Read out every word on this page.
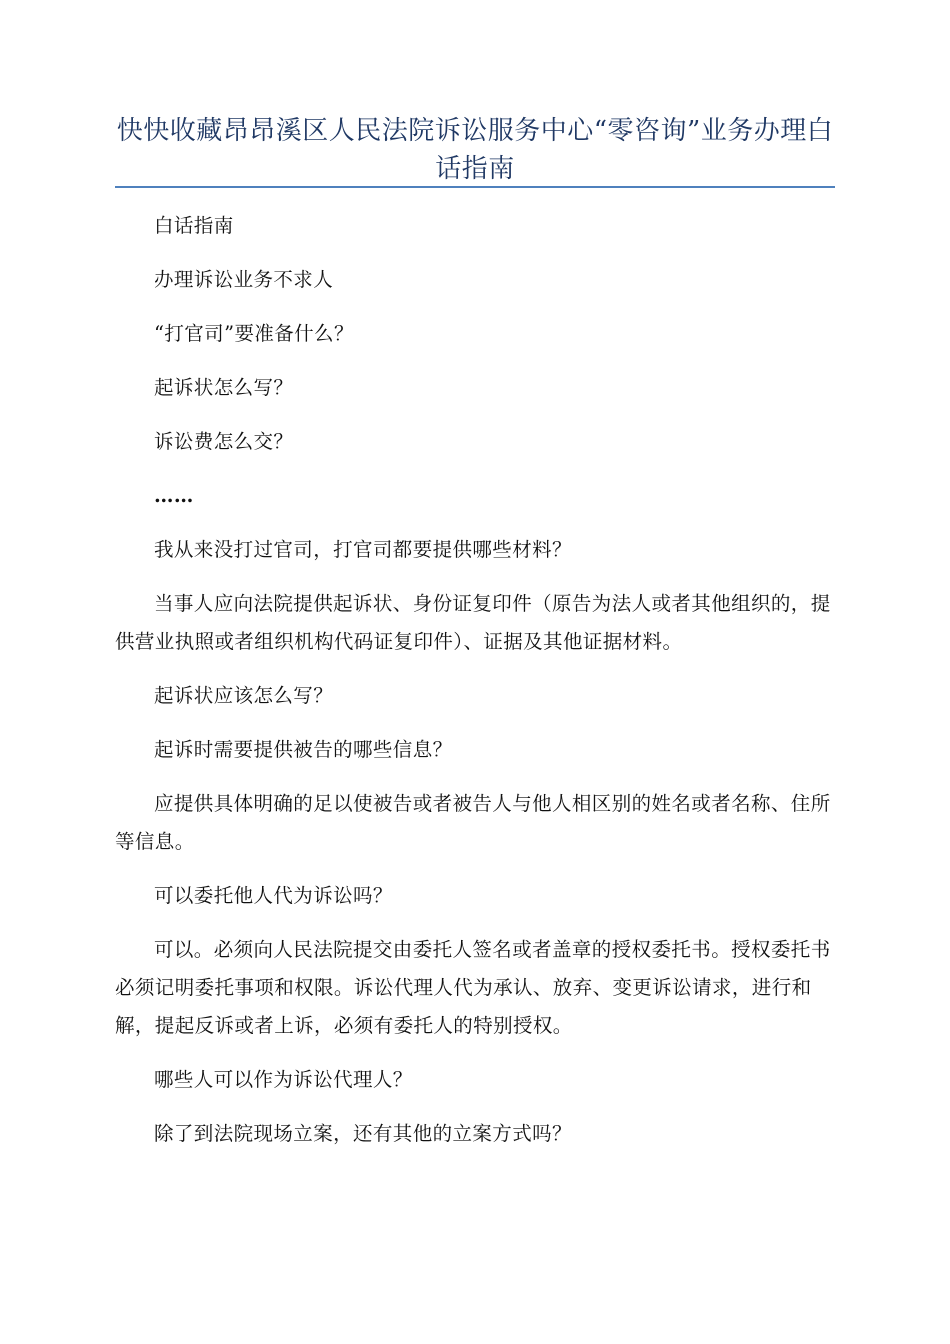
快快收藏昂昂溪区人民法院诉讼服务中心“零咨询”业务办理白话指南

白话指南

办理诉讼业务不求人

“打官司”要准备什么？

起诉状怎么写？

诉讼费怎么交？

……

我从来没打过官司，打官司都要提供哪些材料？

当事人应向法院提供起诉状、身份证复印件（原告为法人或者其他组织的，提供营业执照或者组织机构代码证复印件）、证据及其他证据材料。

起诉状应该怎么写？

起诉时需要提供被告的哪些信息？

应提供具体明确的足以使被告或者被告人与他人相区别的姓名或者名称、住所等信息。

可以委托他人代为诉讼吗？

可以。必须向人民法院提交由委托人签名或者盖章的授权委托书。授权委托书必须记明委托事项和权限。诉讼代理人代为承认、放弃、变更诉讼请求，进行和解，提起反诉或者上诉，必须有委托人的特别授权。

哪些人可以作为诉讼代理人？

除了到法院现场立案，还有其他的立案方式吗？
